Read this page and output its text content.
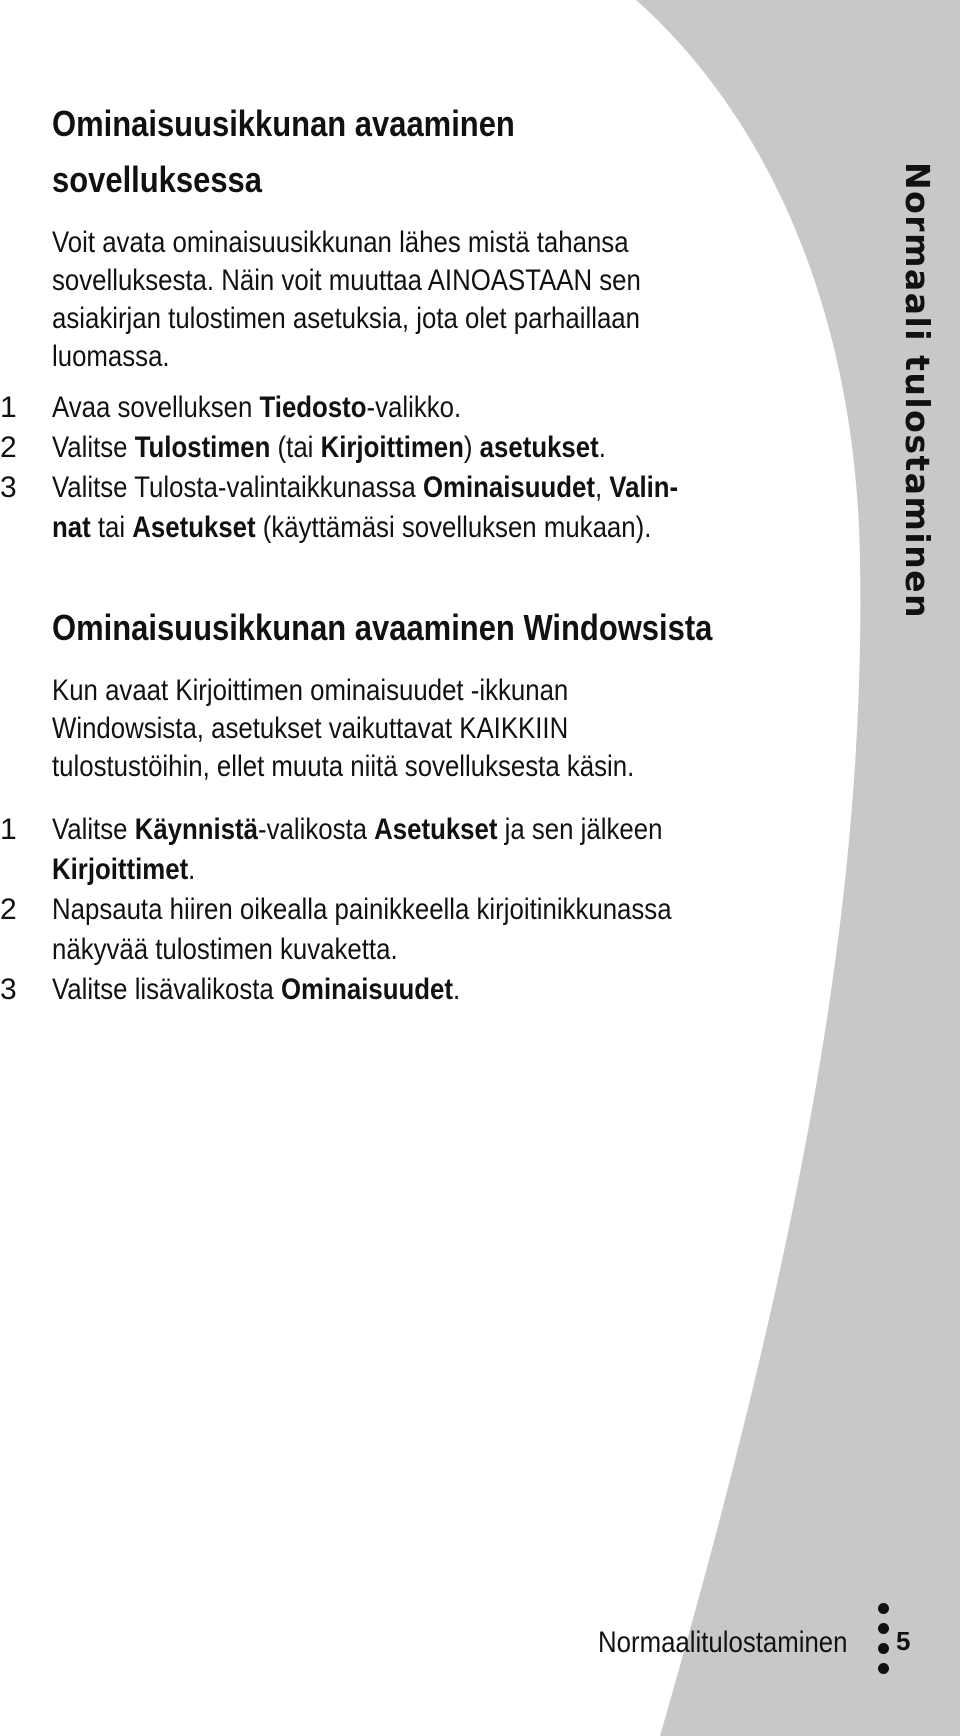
Normaali tulostaminen
Ominaisuusikkunan avaaminen
sovelluksessa
Voit avata ominaisuusikkunan lähes mistä tahansa
sovelluksesta. Näin voit muuttaa AINOASTAAN sen
asiakirjan tulostimen asetuksia, jota olet parhaillaan
luomassa.
1	Avaa sovelluksen Tiedosto-valikko.
2	Valitse Tulostimen (tai Kirjoittimen) asetukset.
3	Valitse Tulosta-valintaikkunassa Ominaisuudet, Valin-
nat tai Asetukset (käyttämäsi sovelluksen mukaan).
Ominaisuusikkunan avaaminen Windowsista
Kun avaat Kirjoittimen ominaisuudet -ikkunan
Windowsista, asetukset vaikuttavat KAIKKIIN
tulostustöihin, ellet muuta niitä sovelluksesta käsin.
1	Valitse Käynnistä-valikosta Asetukset ja sen jälkeen
Kirjoittimet.
2	Napsauta hiiren oikealla painikkeella kirjoitinikkunassa
näkyvää tulostimen kuvaketta.
3	Valitse lisävalikosta Ominaisuudet.
Normaalitulostaminen 5
